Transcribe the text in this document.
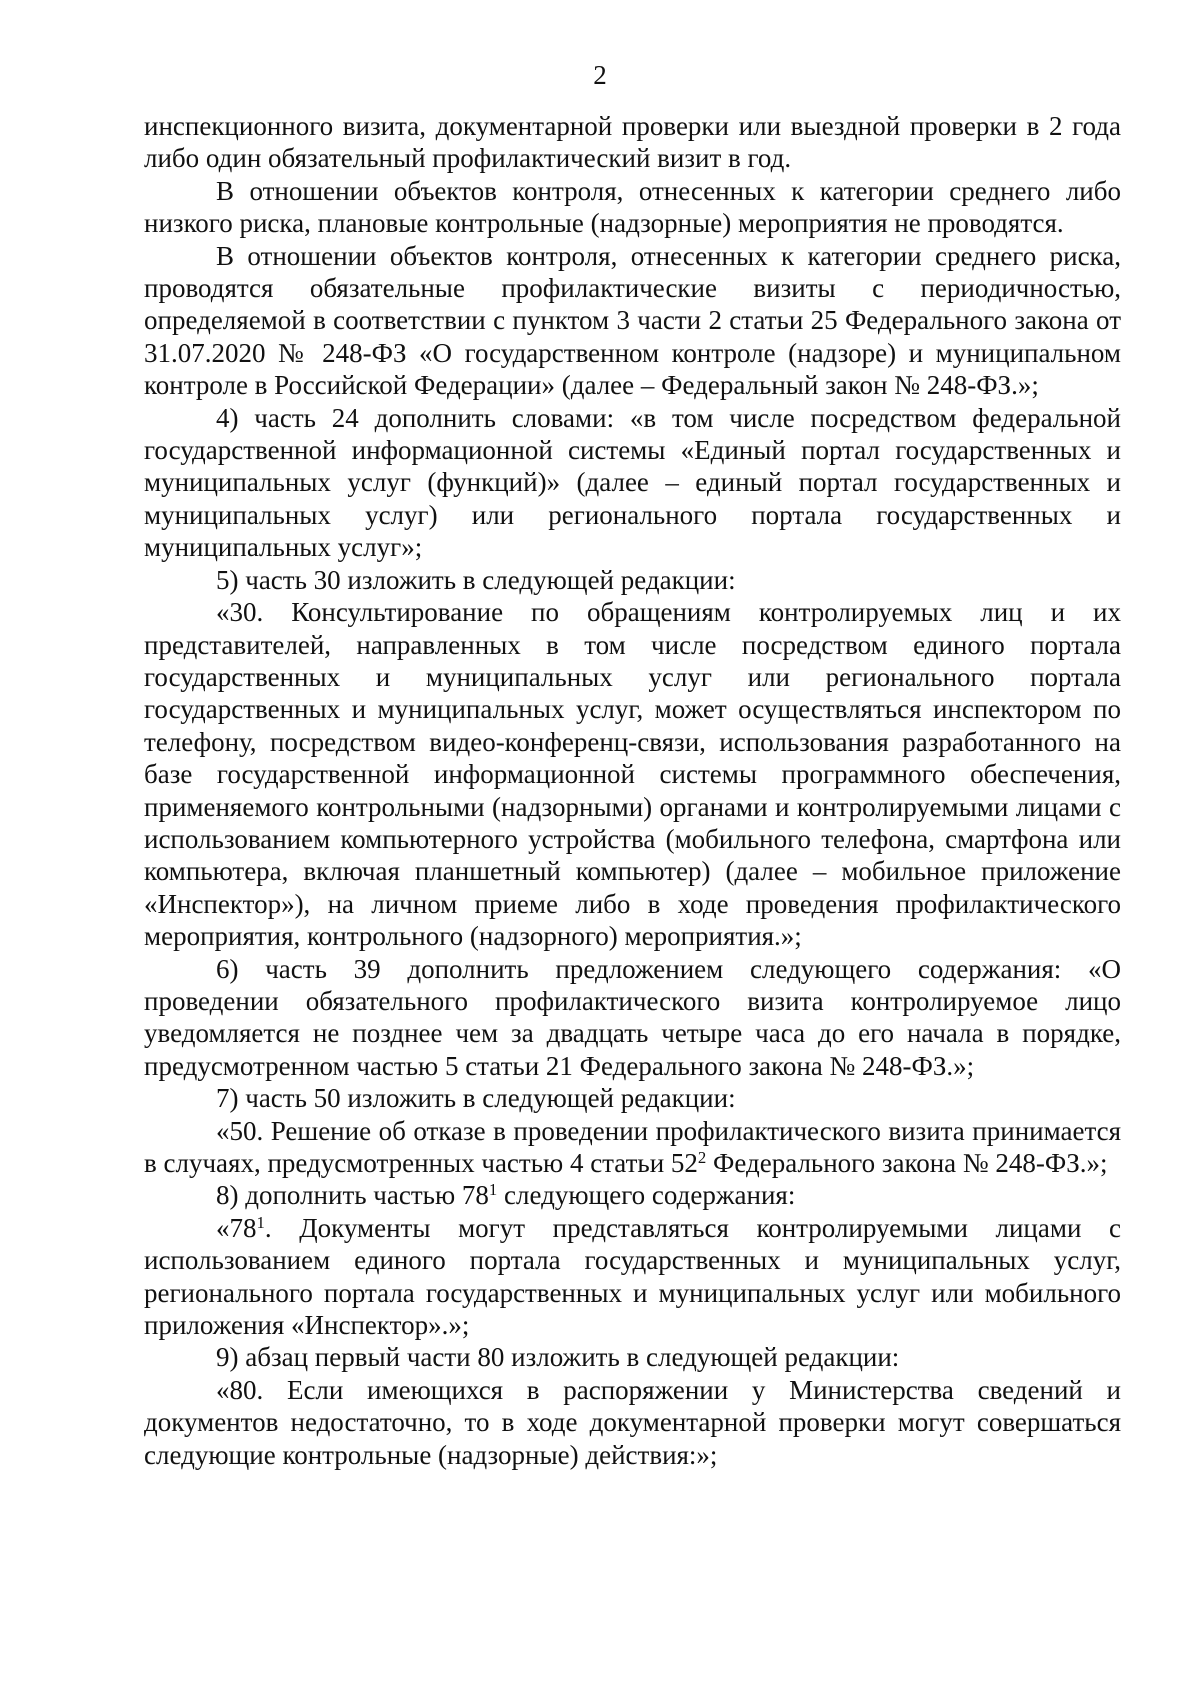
2

инспекционного визита, документарной проверки или выездной проверки в 2 года либо один обязательный профилактический визит в год.

В отношении объектов контроля, отнесенных к категории среднего либо низкого риска, плановые контрольные (надзорные) мероприятия не проводятся.

В отношении объектов контроля, отнесенных к категории среднего риска, проводятся обязательные профилактические визиты с периодичностью, определяемой в соответствии с пунктом 3 части 2 статьи 25 Федерального закона от 31.07.2020 № 248-ФЗ «О государственном контроле (надзоре) и муниципальном контроле в Российской Федерации» (далее – Федеральный закон № 248-ФЗ.»;

4) часть 24 дополнить словами: «в том числе посредством федеральной государственной информационной системы «Единый портал государственных и муниципальных услуг (функций)» (далее – единый портал государственных и муниципальных услуг) или регионального портала государственных и муниципальных услуг»;

5) часть 30 изложить в следующей редакции:

«30. Консультирование по обращениям контролируемых лиц и их представителей, направленных в том числе посредством единого портала государственных и муниципальных услуг или регионального портала государственных и муниципальных услуг, может осуществляться инспектором по телефону, посредством видео-конференц-связи, использования разработанного на базе государственной информационной системы программного обеспечения, применяемого контрольными (надзорными) органами и контролируемыми лицами с использованием компьютерного устройства (мобильного телефона, смартфона или компьютера, включая планшетный компьютер) (далее – мобильное приложение «Инспектор»), на личном приеме либо в ходе проведения профилактического мероприятия, контрольного (надзорного) мероприятия.»;

6) часть 39 дополнить предложением следующего содержания: «О проведении обязательного профилактического визита контролируемое лицо уведомляется не позднее чем за двадцать четыре часа до его начала в порядке, предусмотренном частью 5 статьи 21 Федерального закона № 248-ФЗ.»;

7) часть 50 изложить в следующей редакции:

«50. Решение об отказе в проведении профилактического визита принимается в случаях, предусмотренных частью 4 статьи $52^2$ Федерального закона № 248-ФЗ.»;

8) дополнить частью $78^1$ следующего содержания:

«$78^1$. Документы могут представляться контролируемыми лицами с использованием единого портала государственных и муниципальных услуг, регионального портала государственных и муниципальных услуг или мобильного приложения «Инспектор».»;

9) абзац первый части 80 изложить в следующей редакции:

«80. Если имеющихся в распоряжении у Министерства сведений и документов недостаточно, то в ходе документарной проверки могут совершаться следующие контрольные (надзорные) действия:»;
